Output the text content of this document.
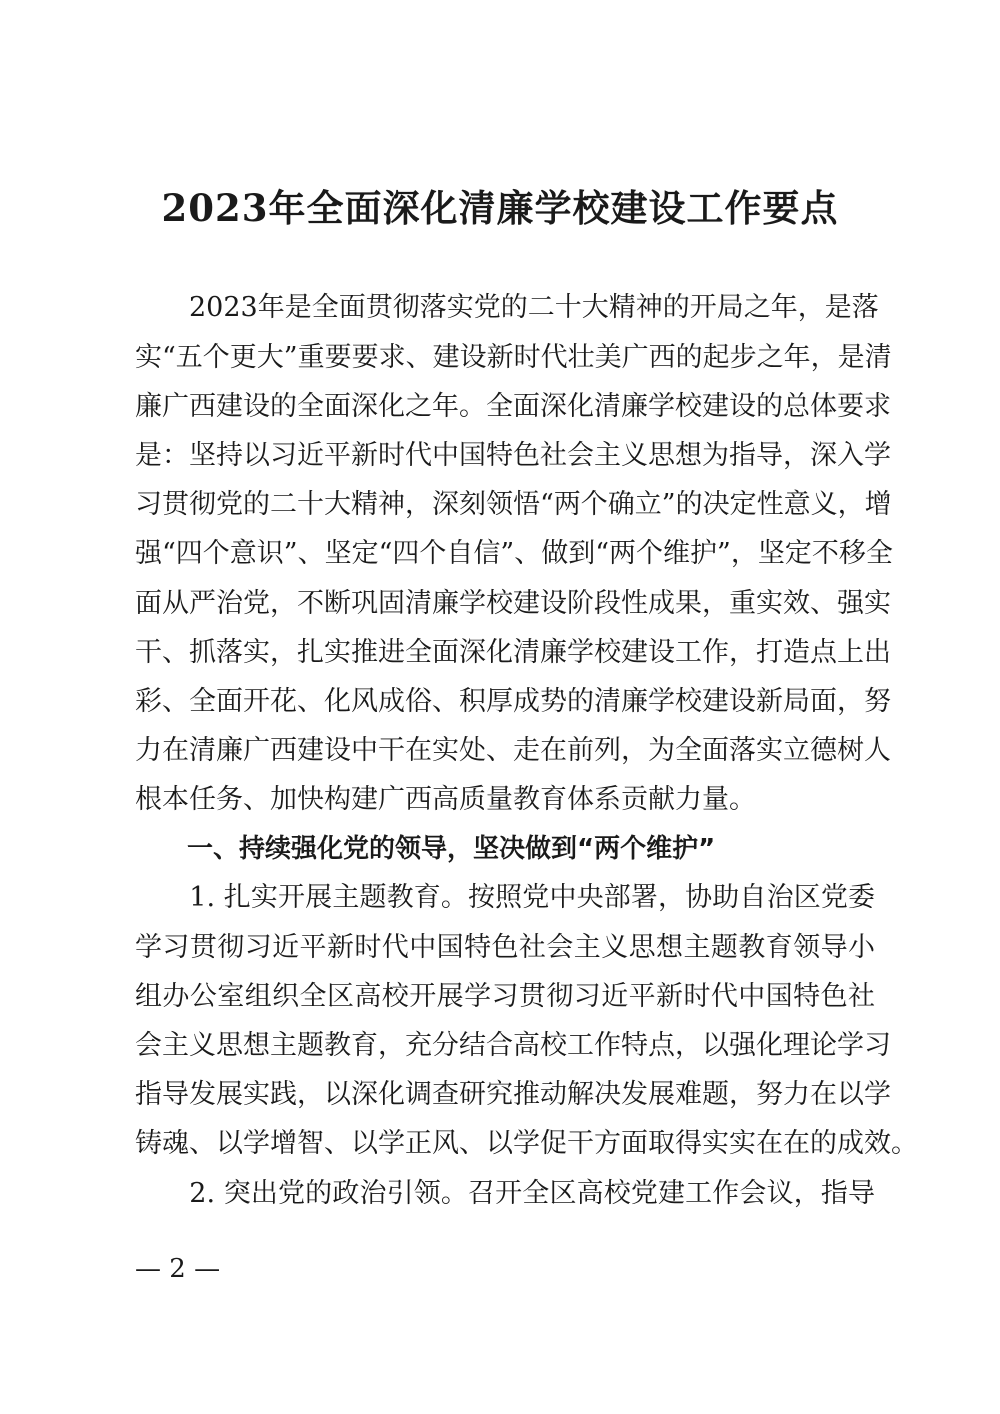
2023年全面深化清廉学校建设工作要点
　　2023年是全面贯彻落实党的二十大精神的开局之年，是落
实“五个更大”重要要求、建设新时代壮美广西的起步之年，是清
廉广西建设的全面深化之年。全面深化清廉学校建设的总体要求
是：坚持以习近平新时代中国特色社会主义思想为指导，深入学
习贯彻党的二十大精神，深刻领悟“两个确立”的决定性意义，增
强“四个意识”、坚定“四个自信”、做到“两个维护”，坚定不移全
面从严治党，不断巩固清廉学校建设阶段性成果，重实效、强实
干、抓落实，扎实推进全面深化清廉学校建设工作，打造点上出
彩、全面开花、化风成俗、积厚成势的清廉学校建设新局面，努
力在清廉广西建设中干在实处、走在前列，为全面落实立德树人
根本任务、加快构建广西高质量教育体系贡献力量。
　　一、持续强化党的领导，坚决做到“两个维护”
　　1. 扎实开展主题教育。按照党中央部署，协助自治区党委
学习贯彻习近平新时代中国特色社会主义思想主题教育领导小
组办公室组织全区高校开展学习贯彻习近平新时代中国特色社
会主义思想主题教育，充分结合高校工作特点，以强化理论学习
指导发展实践，以深化调查研究推动解决发展难题，努力在以学
铸魂、以学增智、以学正风、以学促干方面取得实实在在的成效。
　　2. 突出党的政治引领。召开全区高校党建工作会议，指导
— 2 —
